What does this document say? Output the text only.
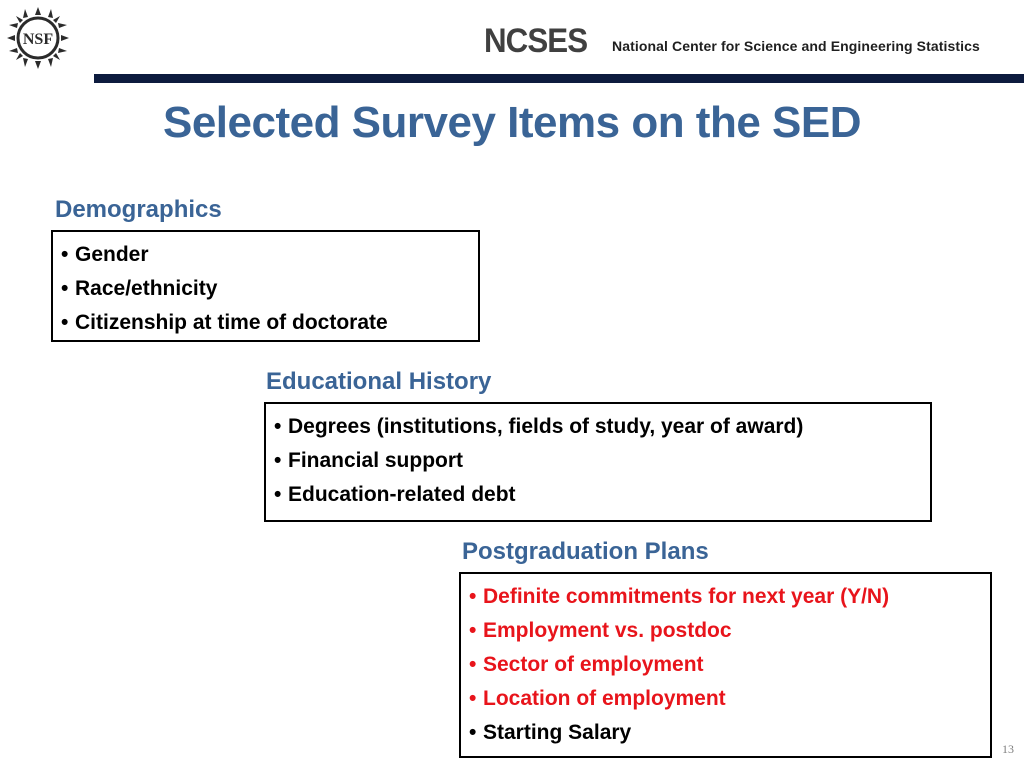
NSF	NCSES National Center for Science and Engineering Statistics
Selected Survey Items on the SED
Demographics
• Gender
• Race/ethnicity
• Citizenship at time of doctorate
Educational History
• Degrees (institutions, fields of study, year of award)
• Financial support
• Education-related debt
Postgraduation Plans
• Definite commitments for next year (Y/N)
• Employment vs. postdoc
• Sector of employment
• Location of employment
• Starting Salary
13
